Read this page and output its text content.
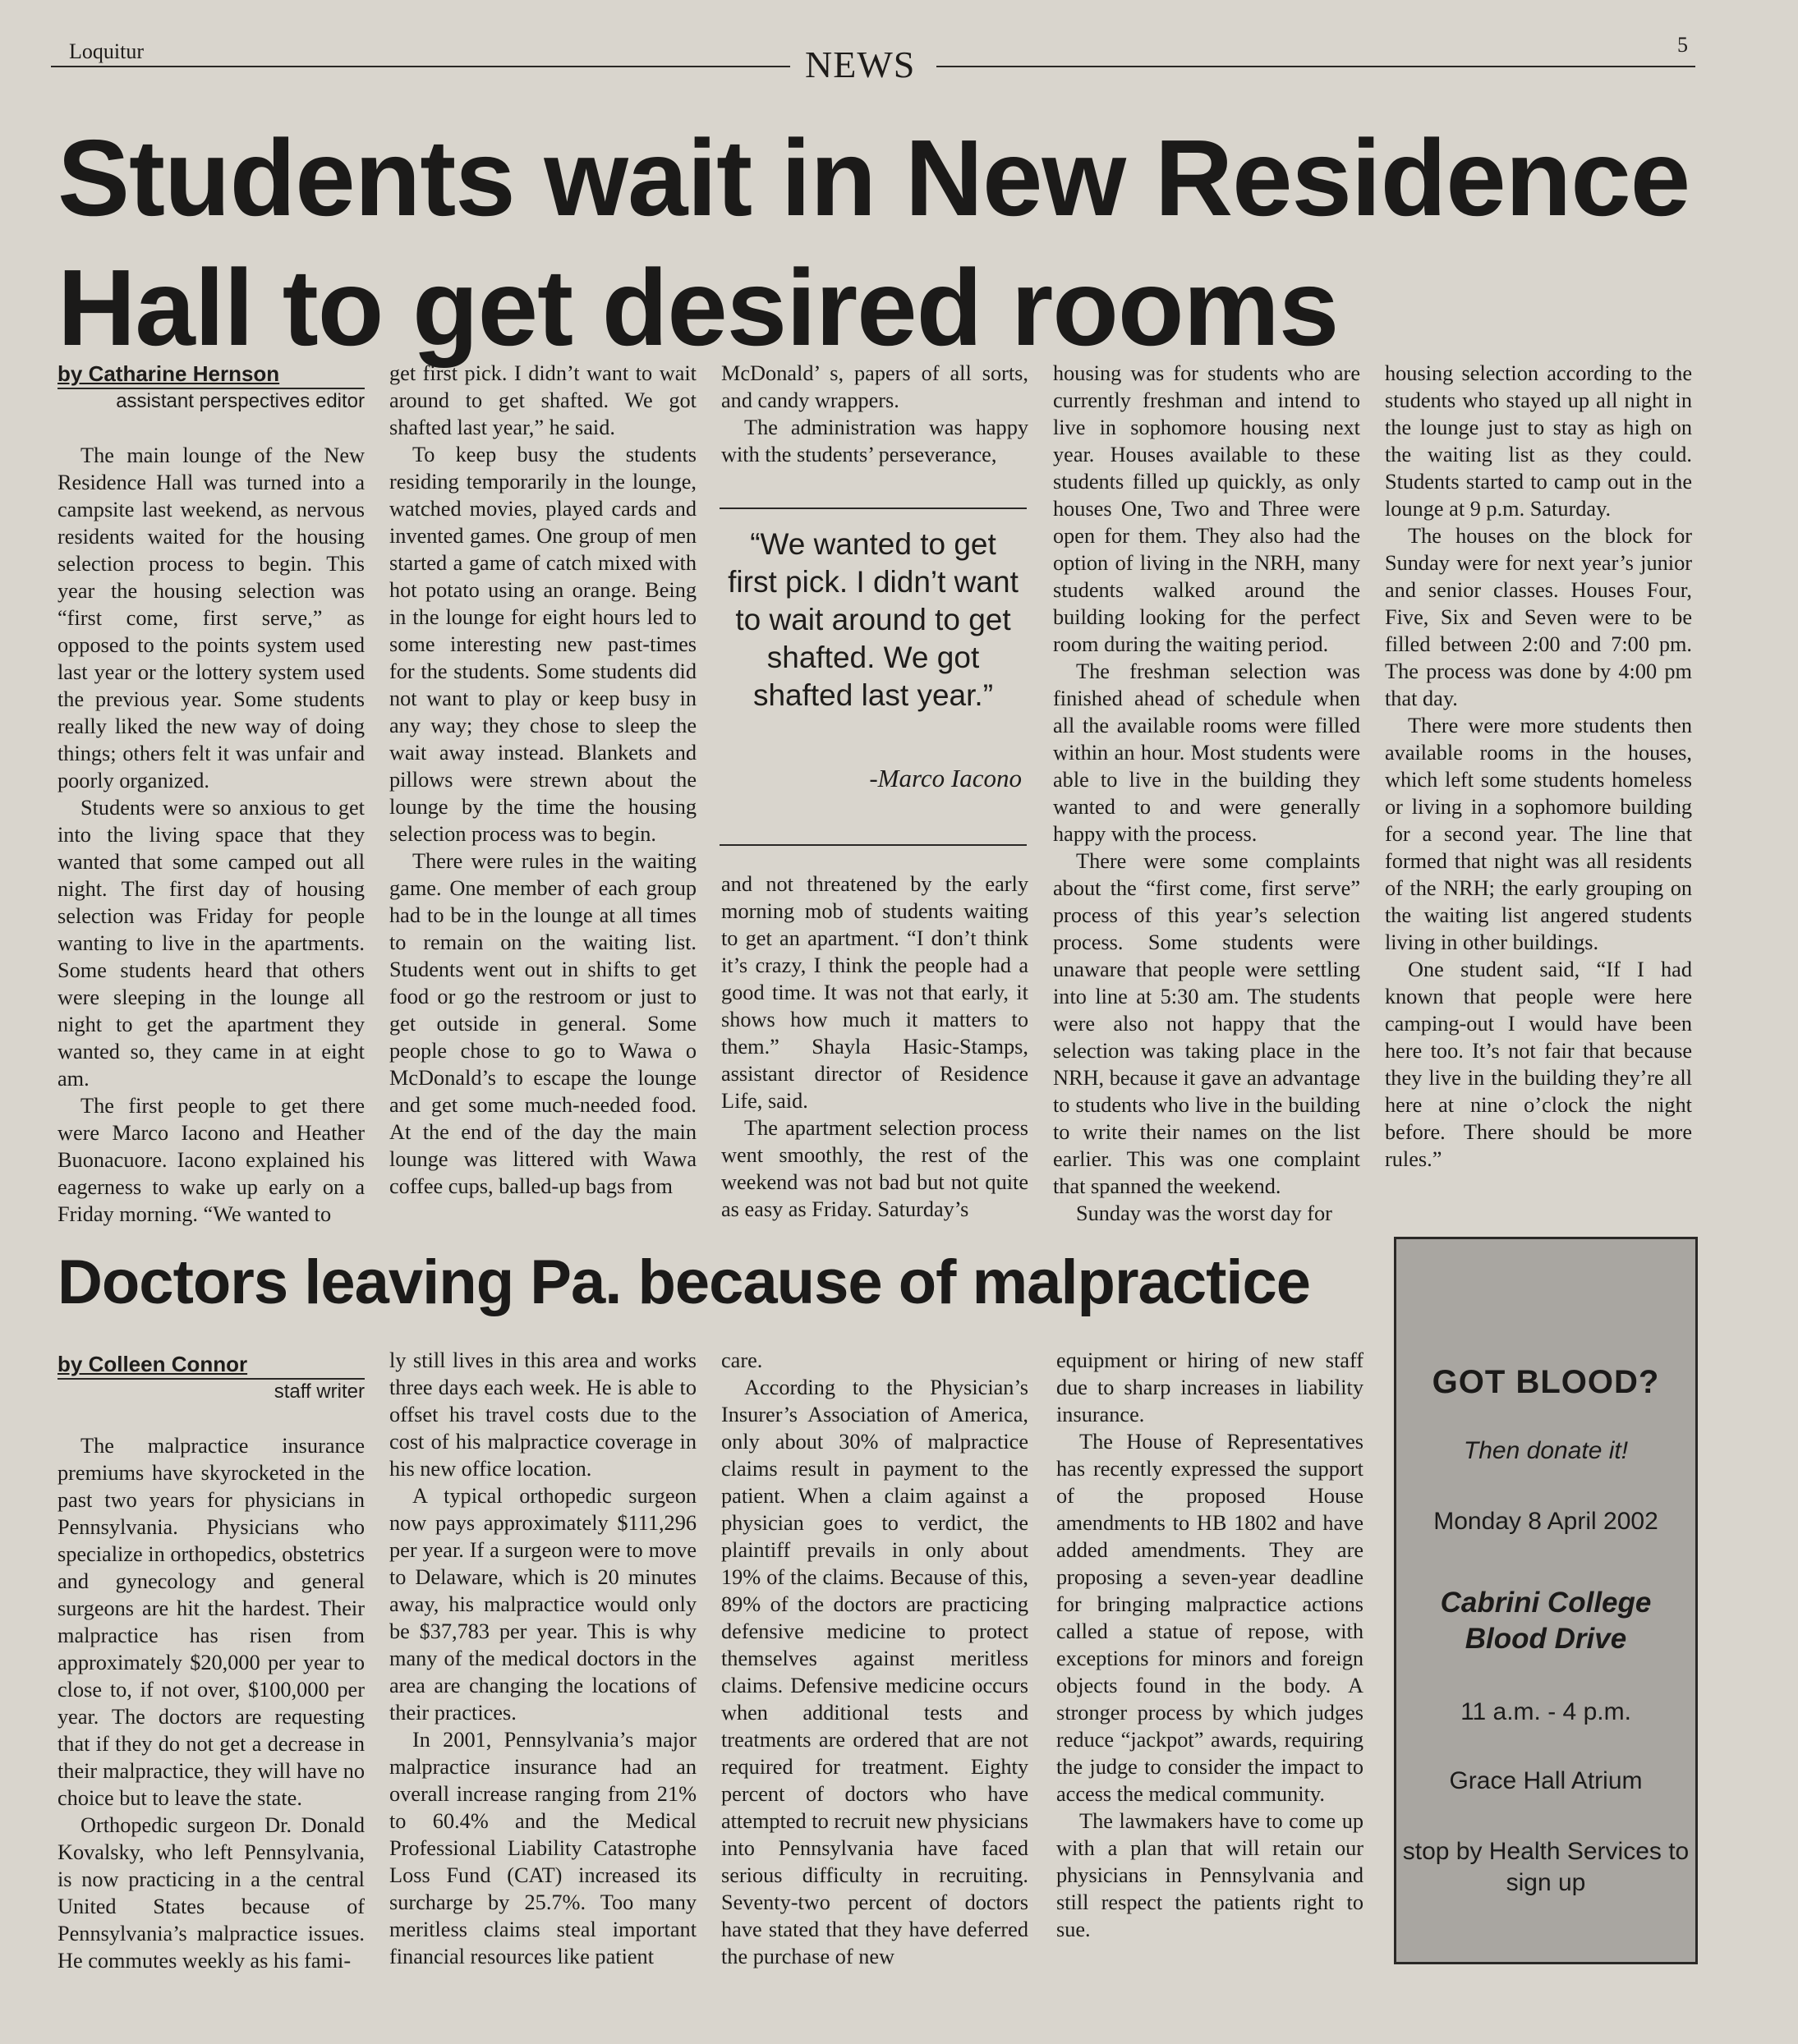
Loquitur	NEWS	5
Students wait in New Residence Hall to get desired rooms
by Catharine Hernson
assistant perspectives editor

The main lounge of the New Residence Hall was turned into a campsite last weekend, as nervous residents waited for the housing selection process to begin. This year the housing selection was “first come, first serve,” as opposed to the points system used last year or the lottery system used the previous year. Some students really liked the new way of doing things; others felt it was unfair and poorly organized.

Students were so anxious to get into the living space that they wanted that some camped out all night. The first day of housing selection was Friday for people wanting to live in the apartments. Some students heard that others were sleeping in the lounge all night to get the apartment they wanted so, they came in at eight am.

The first people to get there were Marco Iacono and Heather Buonacuore. Iacono explained his eagerness to wake up early on a Friday morning. “We wanted to

get first pick. I didn’t want to wait around to get shafted. We got shafted last year,” he said.

To keep busy the students residing temporarily in the lounge, watched movies, played cards and invented games. One group of men started a game of catch mixed with hot potato using an orange. Being in the lounge for eight hours led to some interesting new past-times for the students. Some students did not want to play or keep busy in any way; they chose to sleep the wait away instead. Blankets and pillows were strewn about the lounge by the time the housing selection process was to begin.

There were rules in the waiting game. One member of each group had to be in the lounge at all times to remain on the waiting list. Students went out in shifts to get food or go the restroom or just to get outside in general. Some people chose to go to Wawa o McDonald’s to escape the lounge and get some much-needed food. At the end of the day the main lounge was littered with Wawa coffee cups, balled-up bags from

McDonald’ s, papers of all sorts, and candy wrappers.

The administration was happy with the students’ perseverance,

“We wanted to get first pick. I didn’t want to wait around to get shafted. We got shafted last year.”
-Marco Iacono

and not threatened by the early morning mob of students waiting to get an apartment. “I don’t think it’s crazy, I think the people had a good time. It was not that early, it shows how much it matters to them.” Shayla Hasic-Stamps, assistant director of Residence Life, said.

The apartment selection process went smoothly, the rest of the weekend was not bad but not quite as easy as Friday. Saturday’s

housing was for students who are currently freshman and intend to live in sophomore housing next year. Houses available to these students filled up quickly, as only houses One, Two and Three were open for them. They also had the option of living in the NRH, many students walked around the building looking for the perfect room during the waiting period.

The freshman selection was finished ahead of schedule when all the available rooms were filled within an hour. Most students were able to live in the building they wanted to and were generally happy with the process.

There were some complaints about the “first come, first serve” process of this year’s selection process. Some students were unaware that people were settling into line at 5:30 am. The students were also not happy that the selection was taking place in the NRH, because it gave an advantage to students who live in the building to write their names on the list earlier. This was one complaint that spanned the weekend.

Sunday was the worst day for

housing selection according to the students who stayed up all night in the lounge just to stay as high on the waiting list as they could. Students started to camp out in the lounge at 9 p.m. Saturday.

The houses on the block for Sunday were for next year’s junior and senior classes. Houses Four, Five, Six and Seven were to be filled between 2:00 and 7:00 pm. The process was done by 4:00 pm that day.

There were more students then available rooms in the houses, which left some students homeless or living in a sophomore building for a second year. The line that formed that night was all residents of the NRH; the early grouping on the waiting list angered students living in other buildings.

One student said, “If I had known that people were here camping-out I would have been here too. It’s not fair that because they live in the building they’re all here at nine o’clock the night before. There should be more rules.”

Doctors leaving Pa. because of malpractice
by Colleen Connor
staff writer

The malpractice insurance premiums have skyrocketed in the past two years for physicians in Pennsylvania. Physicians who specialize in orthopedics, obstetrics and gynecology and general surgeons are hit the hardest. Their malpractice has risen from approximately $20,000 per year to close to, if not over, $100,000 per year. The doctors are requesting that if they do not get a decrease in their malpractice, they will have no choice but to leave the state.

Orthopedic surgeon Dr. Donald Kovalsky, who left Pennsylvania, is now practicing in a the central United States because of Pennsylvania’s malpractice issues. He commutes weekly as his fami-

ly still lives in this area and works three days each week. He is able to offset his travel costs due to the cost of his malpractice coverage in his new office location.

A typical orthopedic surgeon now pays approximately $111,296 per year. If a surgeon were to move to Delaware, which is 20 minutes away, his malpractice would only be $37,783 per year. This is why many of the medical doctors in the area are changing the locations of their practices.

In 2001, Pennsylvania’s major malpractice insurance had an overall increase ranging from 21% to 60.4% and the Medical Professional Liability Catastrophe Loss Fund (CAT) increased its surcharge by 25.7%. Too many meritless claims steal important financial resources like patient

care.

According to the Physician’s Insurer’s Association of America, only about 30% of malpractice claims result in payment to the patient. When a claim against a physician goes to verdict, the plaintiff prevails in only about 19% of the claims. Because of this, 89% of the doctors are practicing defensive medicine to protect themselves against meritless claims. Defensive medicine occurs when additional tests and treatments are ordered that are not required for treatment. Eighty percent of doctors who have attempted to recruit new physicians into Pennsylvania have faced serious difficulty in recruiting. Seventy-two percent of doctors have stated that they have deferred the purchase of new

equipment or hiring of new staff due to sharp increases in liability insurance.

The House of Representatives has recently expressed the support of the proposed House amendments to HB 1802 and have added amendments. They are proposing a seven-year deadline for bringing malpractice actions called a statue of repose, with exceptions for minors and foreign objects found in the body. A stronger process by which judges reduce “jackpot” awards, requiring the judge to consider the impact to access the medical community.

The lawmakers have to come up with a plan that will retain our physicians in Pennsylvania and still respect the patients right to sue.

GOT BLOOD?
Then donate it!
Monday 8 April 2002
Cabrini College Blood Drive
11 a.m. - 4 p.m.
Grace Hall Atrium
stop by Health Services to sign up
